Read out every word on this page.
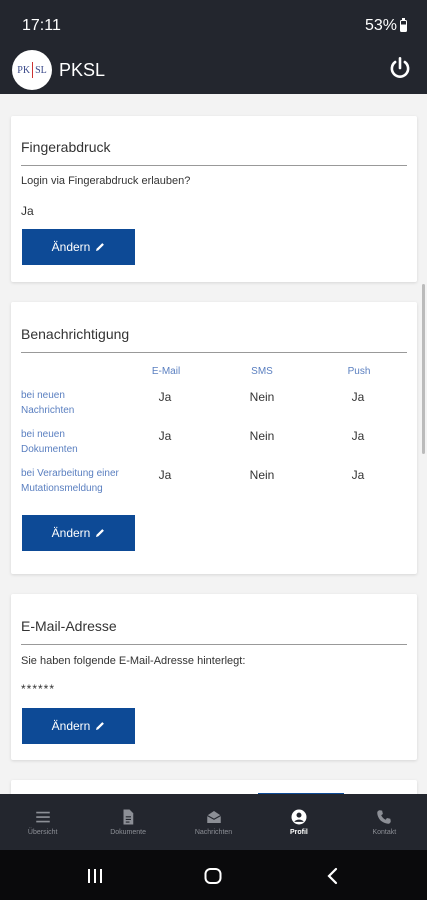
17:11	53%
PK SL PKSL
Fingerabdruck
Login via Fingerabdruck erlauben?
Ja
Ändern
Benachrichtigung
E-Mail	SMS	Push
bei neuen Nachrichten
Ja	Nein	Ja
bei neuen Dokumenten
Ja	Nein	Ja
bei Verarbeitung einer Mutationsmeldung
Ja	Nein	Ja
Ändern
E-Mail-Adresse
Sie haben folgende E-Mail-Adresse hinterlegt:
******
Ändern
Übersicht	Dokumente	Nachrichten	Profil	Kontakt
